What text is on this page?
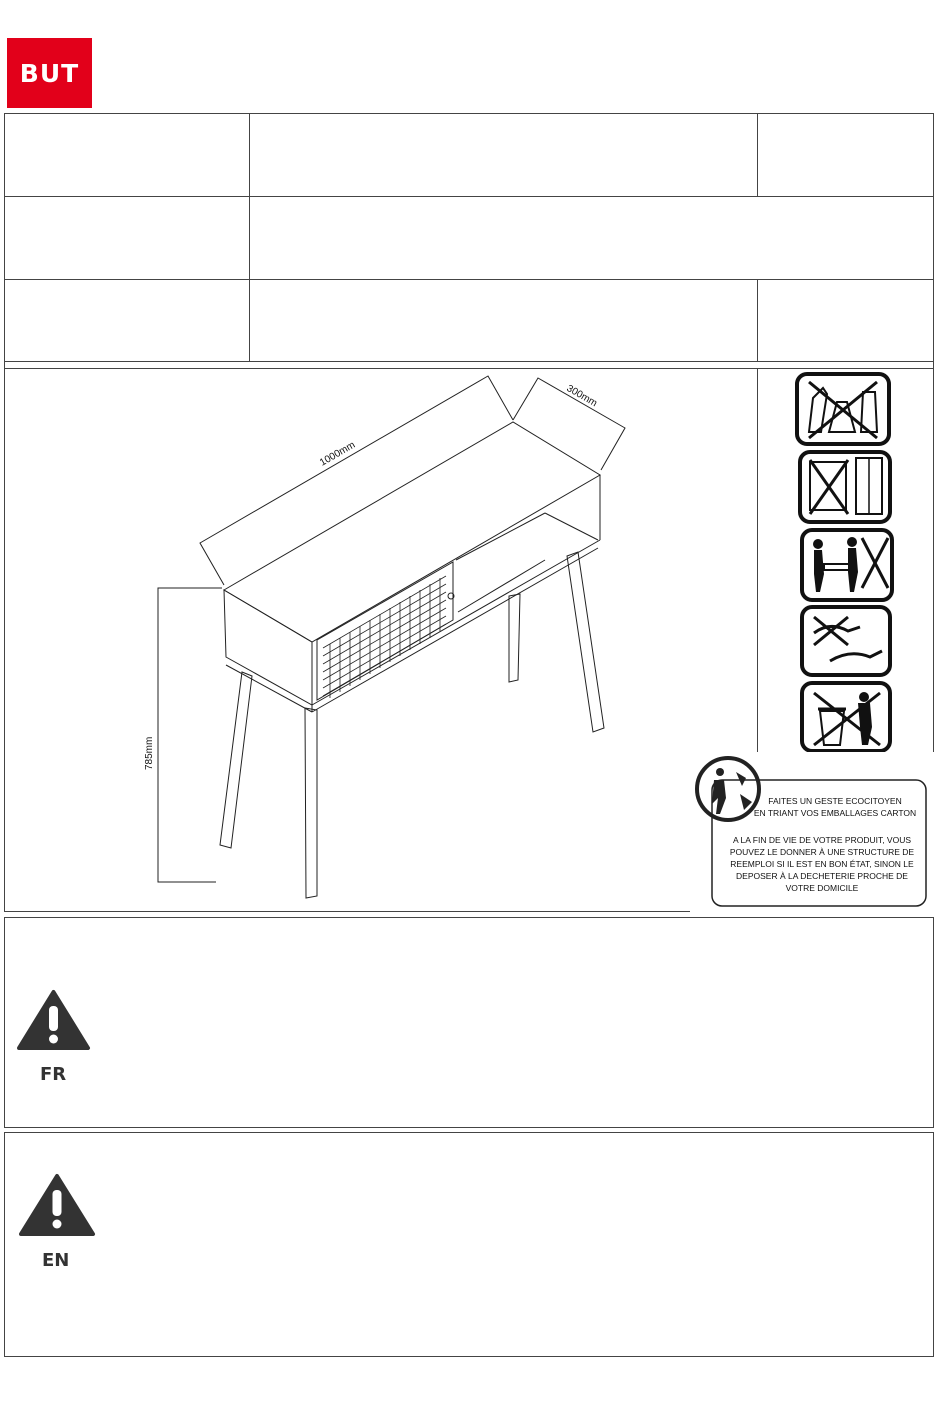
BUT
1000mm
300mm
785mm
FAITES UN GESTE ECOCITOYEN
EN TRIANT VOS EMBALLAGES CARTON
A LA FIN DE VIE DE VOTRE PRODUIT, VOUS
POUVEZ LE DONNER À UNE STRUCTURE DE
REEMPLOI SI IL EST EN BON ÉTAT, SINON LE
DEPOSER À LA DECHETERIE PROCHE DE
VOTRE DOMICILE
FR
EN
